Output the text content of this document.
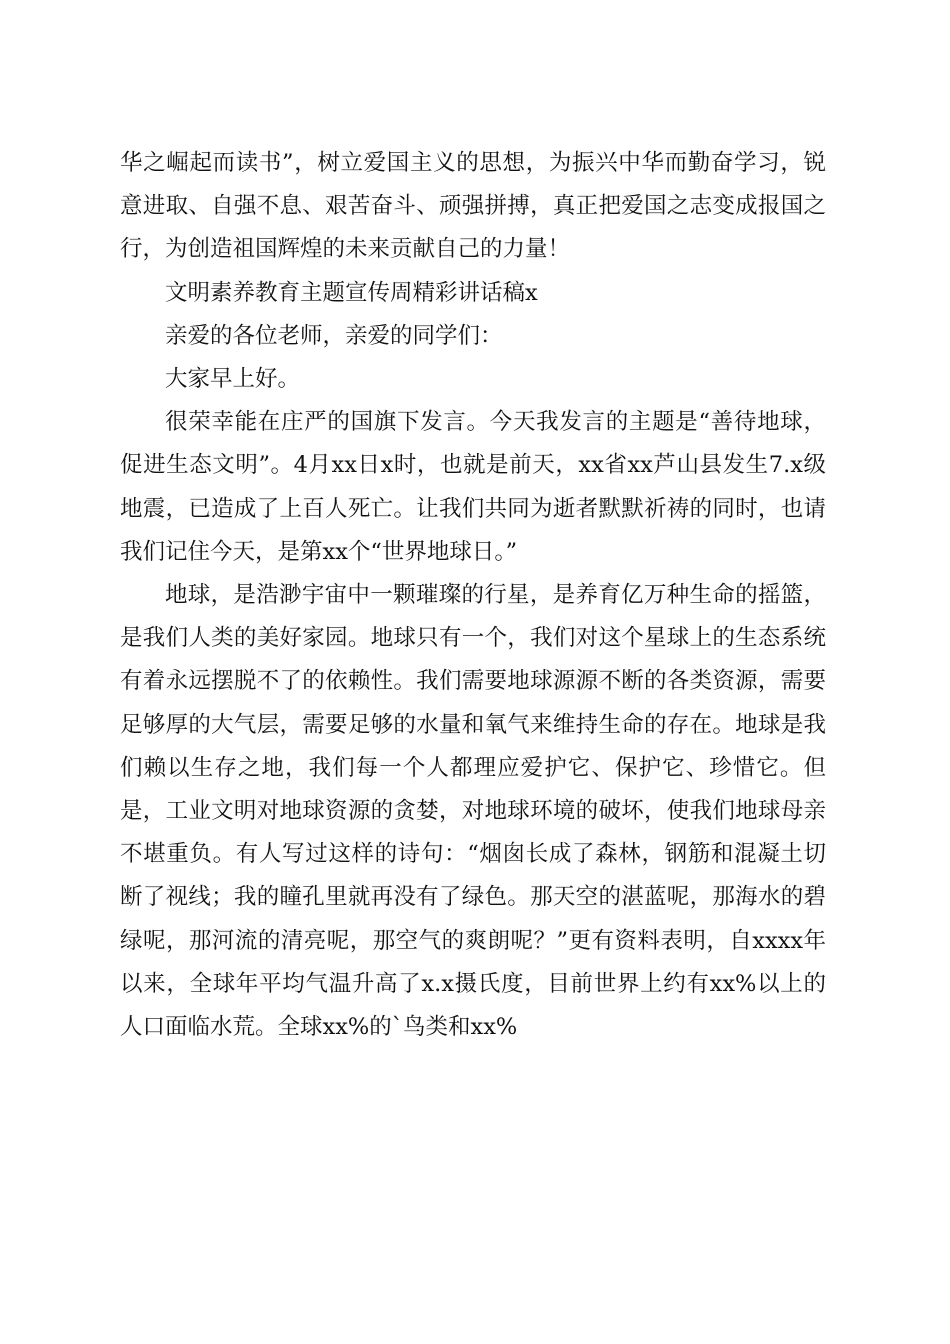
华之崛起而读书”，树立爱国主义的思想，为振兴中华而勤奋学习，锐意进取、自强不息、艰苦奋斗、顽强拼搏，真正把爱国之志变成报国之行，为创造祖国辉煌的未来贡献自己的力量！

文明素养教育主题宣传周精彩讲话稿x

亲爱的各位老师，亲爱的同学们：

大家早上好。

很荣幸能在庄严的国旗下发言。今天我发言的主题是“善待地球，促进生态文明”。4月xx日x时，也就是前天，xx省xx芦山县发生7.x级地震，已造成了上百人死亡。让我们共同为逝者默默祈祷的同时，也请我们记住今天，是第xx个“世界地球日。”

地球，是浩渺宇宙中一颗璀璨的行星，是养育亿万种生命的摇篮，是我们人类的美好家园。地球只有一个，我们对这个星球上的生态系统有着永远摆脱不了的依赖性。我们需要地球源源不断的各类资源，需要足够厚的大气层，需要足够的水量和氧气来维持生命的存在。地球是我们赖以生存之地，我们每一个人都理应爱护它、保护它、珍惜它。但是，工业文明对地球资源的贪婪，对地球环境的破坏，使我们地球母亲不堪重负。有人写过这样的诗句：“烟囱长成了森林，钢筋和混凝土切断了视线；我的瞳孔里就再没有了绿色。那天空的湛蓝呢，那海水的碧绿呢，那河流的清亮呢，那空气的爽朗呢？”更有资料表明，自xxxx年以来，全球年平均气温升高了x.x摄氏度，目前世界上约有xx%以上的人口面临水荒。全球xx%的`鸟类和xx%
